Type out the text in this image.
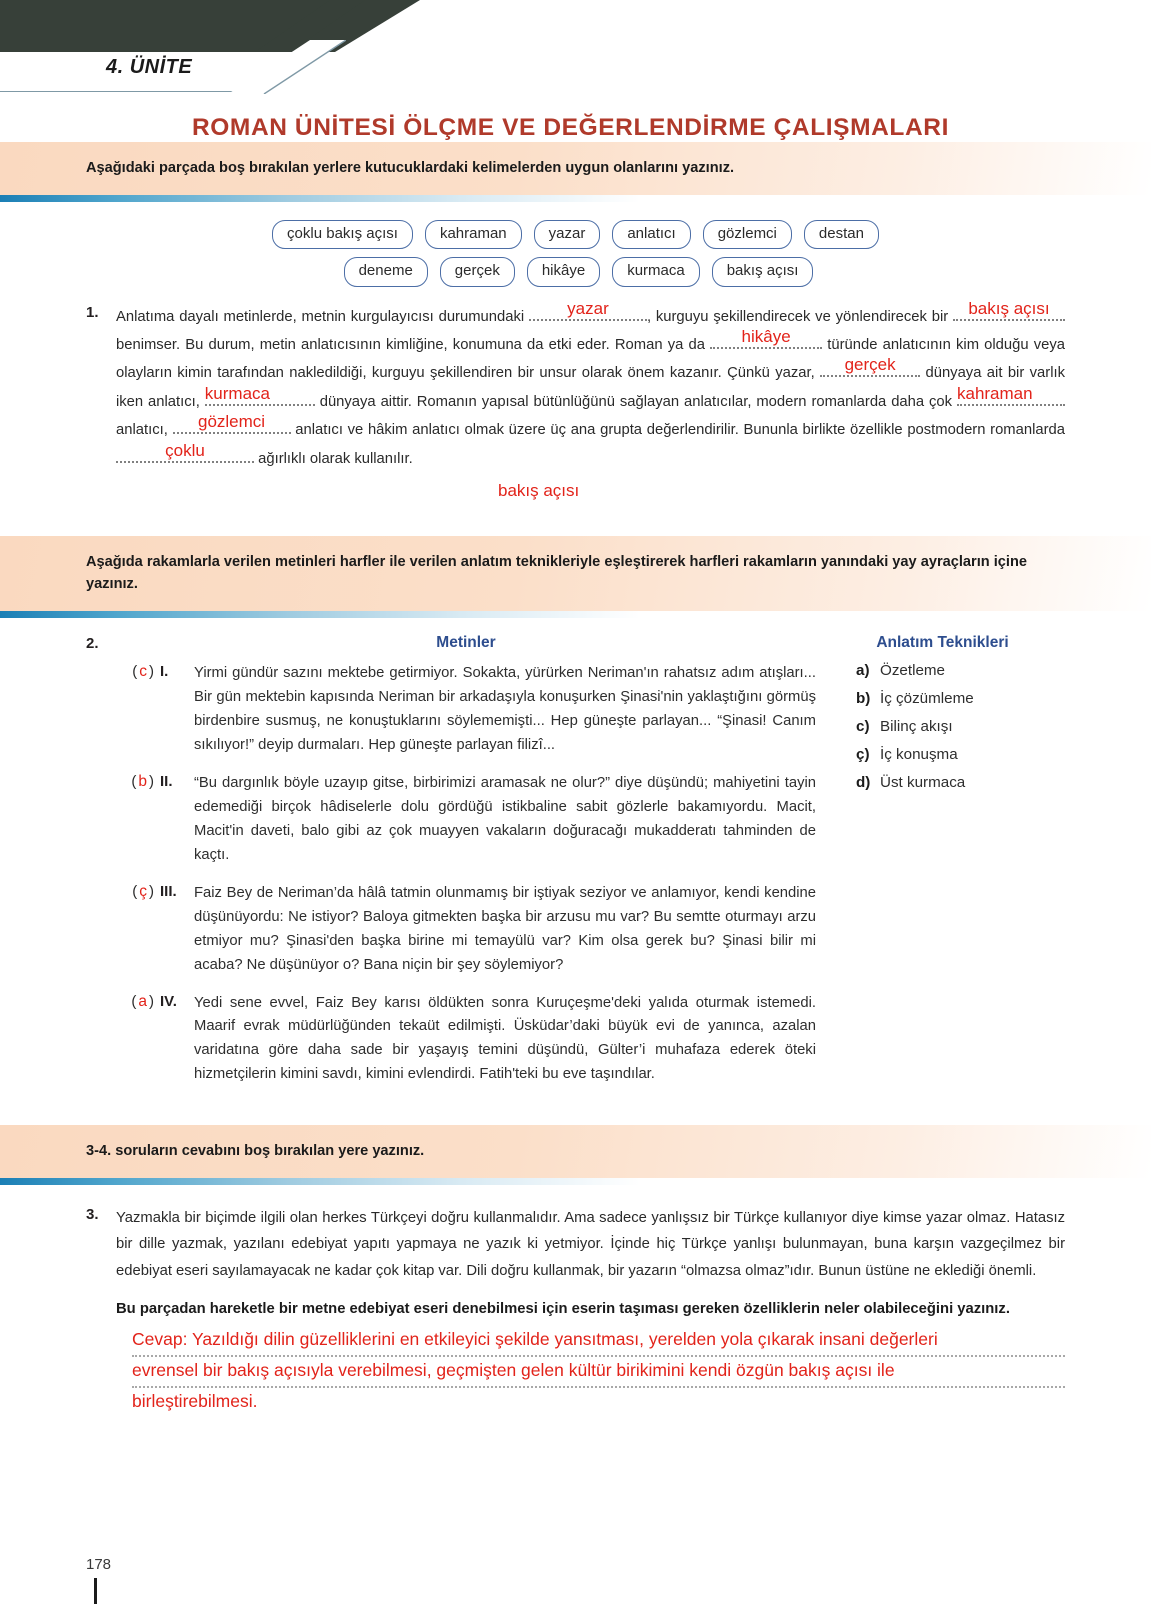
4. ÜNİTE
ROMAN ÜNİTESİ ÖLÇME VE DEĞERLENDİRME ÇALIŞMALARI
Aşağıdaki parçada boş bırakılan yerlere kutucuklardaki kelimelerden uygun olanlarını yazınız.
çoklu bakış açısı	kahraman	yazar	anlatıcı	gözlemci	destan
deneme	gerçek	hikâye	kurmaca	bakış açısı
1.	Anlatıma dayalı metinlerde, metnin kurgulayıcısı durumundaki	yazar	, kurguyu şekillendirecek ve yönlendirecek bir bakış açısı
benimser. Bu durum, metin anlatıcısının kimliğine, konumuna da etki eder. Roman ya da hikâye türünde anlatıcının kim olduğu veya olayların kimin tarafından nakledildiği, kurguyu şekillendiren bir unsur olarak önem kazanır. Çünkü yazar, gerçek dünyaya ait bir varlık iken anlatıcı, kurmaca	dünyaya aittir. Romanın yapısal bütünlüğünü sağlayan anlatıcılar, modern romanlarda daha çok kahraman
anlatıcı, gözlemci anlatıcı ve hâkim anlatıcı olmak üzere üç ana grupta değerlendirilir. Bununla birlikte özellikle postmodern romanlarda
çoklu	ağırlıklı olarak kullanılır.
bakış açısı
Aşağıda rakamlarla verilen metinleri harfler ile verilen anlatım teknikleriyle eşleştirerek harfleri rakamların yanındaki yay ayraçların içine yazınız.
2.	Metinler
( c ) I.	Yirmi gündür sazını mektebe getirmiyor. Sokakta, yürürken Neriman'ın rahatsız adım atışları... Bir gün mektebin kapısında Neriman bir arkadaşıyla konuşurken Şinasi'nin yaklaştığını görmüş birdenbire susmuş, ne konuştuklarını söylememişti... Hep güneşte parlayan... “Şinasi! Canım sıkılıyor!” deyip durmaları. Hep güneşte parlayan filizî...
( b ) II.	“Bu dargınlık böyle uzayıp gitse, birbirimizi aramasak ne olur?” diye düşündü; mahiyetini tayin edemediği birçok hâdiselerle dolu gördüğü istikbaline sabit gözlerle bakamıyordu. Macit, Macit'in daveti, balo gibi az çok muayyen vakaların doğuracağı mukadderatı tahminden de kaçtı.
( ç ) III.	Faiz Bey de Neriman’da hâlâ tatmin olunmamış bir iştiyak seziyor ve anlamıyor, kendi kendine düşünüyordu: Ne istiyor? Baloya gitmekten başka bir arzusu mu var? Bu semtte oturmayı arzu etmiyor mu? Şinasi'den başka birine mi temayülü var? Kim olsa gerek bu? Şinasi bilir mi acaba? Ne düşünüyor o? Bana niçin bir şey söylemiyor?
( a ) IV.	Yedi sene evvel, Faiz Bey karısı öldükten sonra Kuruçeşme'deki yalıda oturmak istemedi. Maarif evrak müdürlüğünden tekaüt edilmişti. Üsküdar’daki büyük evi de yanınca, azalan varidatına göre daha sade bir yaşayış temini düşündü, Gülter’i muhafaza ederek öteki hizmetçilerin kimini savdı, kimini evlendirdi. Fatih'teki bu eve taşındılar.
Anlatım Teknikleri
a) Özetleme
b) İç çözümleme
c) Bilinç akışı
ç) İç konuşma
d) Üst kurmaca
3-4. soruların cevabını boş bırakılan yere yazınız.
3.	Yazmakla bir biçimde ilgili olan herkes Türkçeyi doğru kullanmalıdır. Ama sadece yanlışsız bir Türkçe kullanıyor diye kimse yazar olmaz. Hatasız bir dille yazmak, yazılanı edebiyat yapıtı yapmaya ne yazık ki yetmiyor. İçinde hiç Türkçe yanlışı bulunmayan, buna karşın vazgeçilmez bir edebiyat eseri sayılamayacak ne kadar çok kitap var. Dili doğru kullanmak, bir yazarın “olmazsa olmaz”ıdır. Bunun üstüne ne eklediği önemli.
Bu parçadan hareketle bir metne edebiyat eseri denebilmesi için eserin taşıması gereken özelliklerin neler olabileceğini yazınız.
Cevap: Yazıldığı dilin güzelliklerini en etkileyici şekilde yansıtması, yerelden yola çıkarak insani değerleri
evrensel bir bakış açısıyla verebilmesi, geçmişten gelen kültür birikimini kendi özgün bakış açısı ile
birleştirebilmesi.
178
